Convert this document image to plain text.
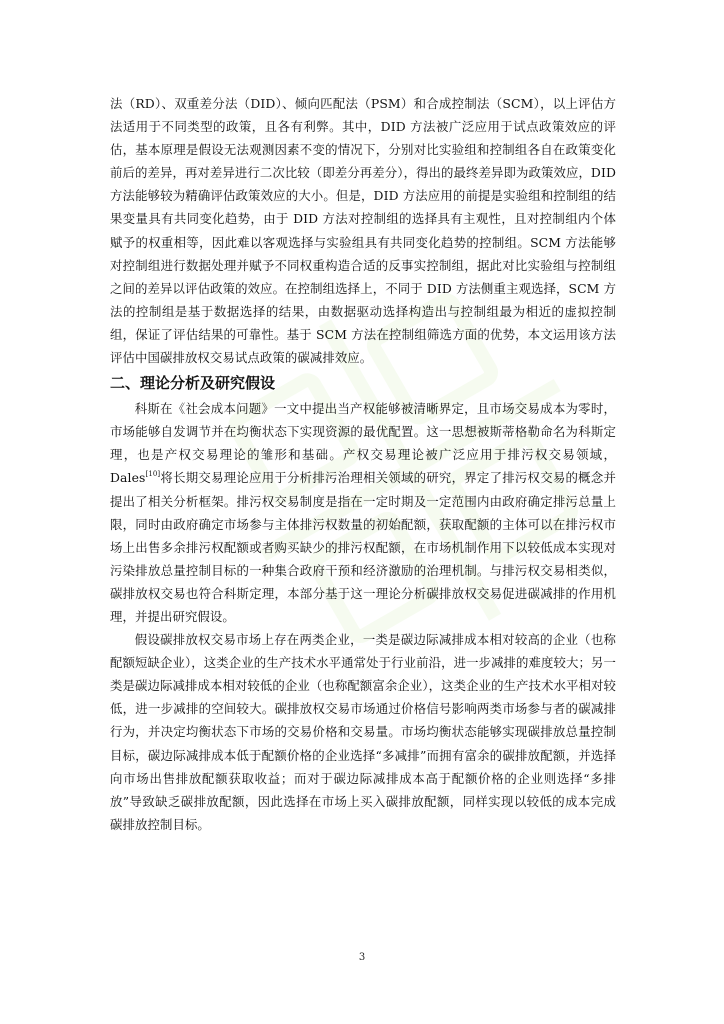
法（RD）、双重差分法（DID）、倾向匹配法（PSM）和合成控制法（SCM），以上评估方法适用于不同类型的政策，且各有利弊。其中，DID 方法被广泛应用于试点政策效应的评估，基本原理是假设无法观测因素不变的情况下，分别对比实验组和控制组各自在政策变化前后的差异，再对差异进行二次比较（即差分再差分），得出的最终差异即为政策效应，DID 方法能够较为精确评估政策效应的大小。但是，DID 方法应用的前提是实验组和控制组的结果变量具有共同变化趋势，由于 DID 方法对控制组的选择具有主观性，且对控制组内个体赋予的权重相等，因此难以客观选择与实验组具有共同变化趋势的控制组。SCM 方法能够对控制组进行数据处理并赋予不同权重构造合适的反事实控制组，据此对比实验组与控制组之间的差异以评估政策的效应。在控制组选择上，不同于 DID 方法侧重主观选择，SCM 方法的控制组是基于数据选择的结果，由数据驱动选择构造出与控制组最为相近的虚拟控制组，保证了评估结果的可靠性。基于 SCM 方法在控制组筛选方面的优势，本文运用该方法评估中国碳排放权交易试点政策的碳减排效应。

二、理论分析及研究假设

科斯在《社会成本问题》一文中提出当产权能够被清晰界定，且市场交易成本为零时，市场能够自发调节并在均衡状态下实现资源的最优配置。这一思想被斯蒂格勒命名为科斯定理，也是产权交易理论的雏形和基础。产权交易理论被广泛应用于排污权交易领域，Dales[10]将长期交易理论应用于分析排污治理相关领域的研究，界定了排污权交易的概念并提出了相关分析框架。排污权交易制度是指在一定时期及一定范围内由政府确定排污总量上限，同时由政府确定市场参与主体排污权数量的初始配额，获取配额的主体可以在排污权市场上出售多余排污权配额或者购买缺少的排污权配额，在市场机制作用下以较低成本实现对污染排放总量控制目标的一种集合政府干预和经济激励的治理机制。与排污权交易相类似，碳排放权交易也符合科斯定理，本部分基于这一理论分析碳排放权交易促进碳减排的作用机理，并提出研究假设。

假设碳排放权交易市场上存在两类企业，一类是碳边际减排成本相对较高的企业（也称配额短缺企业），这类企业的生产技术水平通常处于行业前沿，进一步减排的难度较大；另一类是碳边际减排成本相对较低的企业（也称配额富余企业），这类企业的生产技术水平相对较低，进一步减排的空间较大。碳排放权交易市场通过价格信号影响两类市场参与者的碳减排行为，并决定均衡状态下市场的交易价格和交易量。市场均衡状态能够实现碳排放总量控制目标，碳边际减排成本低于配额价格的企业选择“多减排”而拥有富余的碳排放配额，并选择向市场出售排放配额获取收益；而对于碳边际减排成本高于配额价格的企业则选择“多排放”导致缺乏碳排放配额，因此选择在市场上买入碳排放配额，同样实现以较低的成本完成碳排放控制目标。

3
